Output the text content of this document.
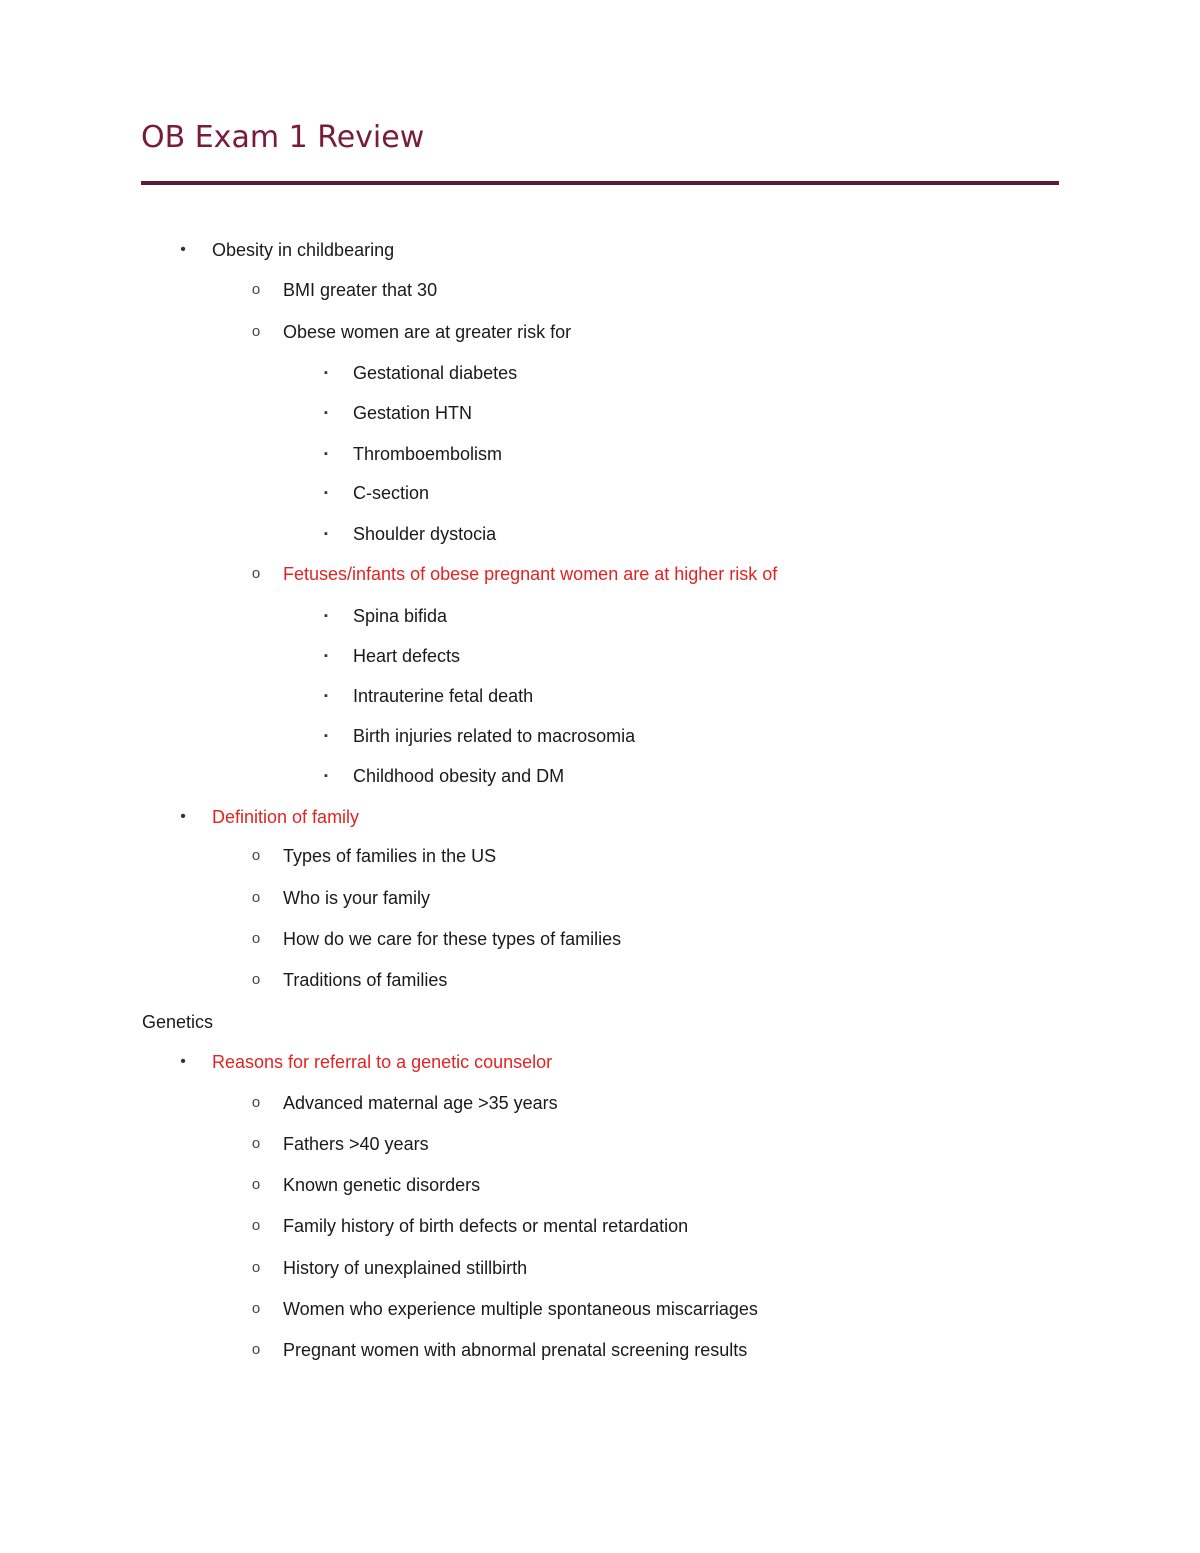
OB Exam 1 Review
• Obesity in childbearing
o BMI greater that 30
o Obese women are at greater risk for
▪ Gestational diabetes
▪ Gestation HTN
▪ Thromboembolism
▪ C-section
▪ Shoulder dystocia
o Fetuses/infants of obese pregnant women are at higher risk of
▪ Spina bifida
▪ Heart defects
▪ Intrauterine fetal death
▪ Birth injuries related to macrosomia
▪ Childhood obesity and DM
• Definition of family
o Types of families in the US
o Who is your family
o How do we care for these types of families
o Traditions of families
Genetics
• Reasons for referral to a genetic counselor
o Advanced maternal age >35 years
o Fathers >40 years
o Known genetic disorders
o Family history of birth defects or mental retardation
o History of unexplained stillbirth
o Women who experience multiple spontaneous miscarriages
o Pregnant women with abnormal prenatal screening results
